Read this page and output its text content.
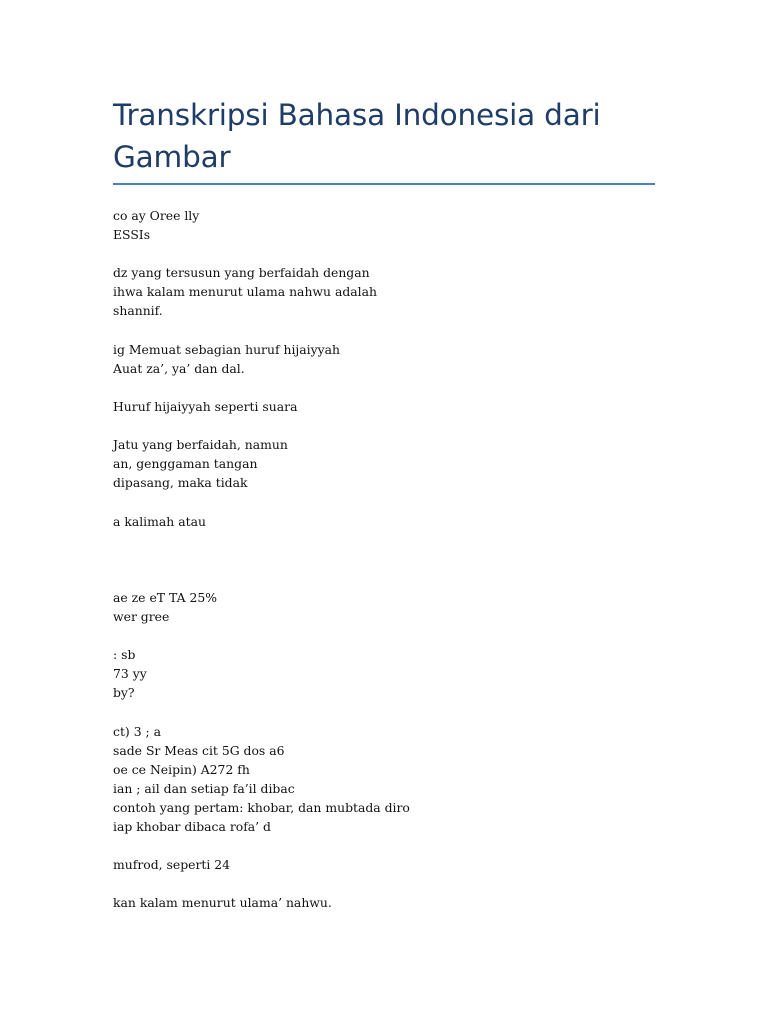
Transkripsi Bahasa Indonesia dari Gambar
co ay Oree lly
ESSIs
dz yang tersusun yang berfaidah dengan
ihwa kalam menurut ulama nahwu adalah
shannif.
ig Memuat sebagian huruf hijaiyyah
Auat za’, ya’ dan dal.
Huruf hijaiyyah seperti suara
Jatu yang berfaidah, namun
an, genggaman tangan
dipasang, maka tidak
a kalimah atau
ae ze eT TA 25%
wer gree
: sb
73 yy
by?
ct) 3 ; a
sade Sr Meas cit 5G dos a6
oe ce Neipin) A272 fh
ian ; ail dan setiap fa’il dibac
contoh yang pertam: khobar, dan mubtada diro
iap khobar dibaca rofa’ d
mufrod, seperti 24
kan kalam menurut ulama’ nahwu.
